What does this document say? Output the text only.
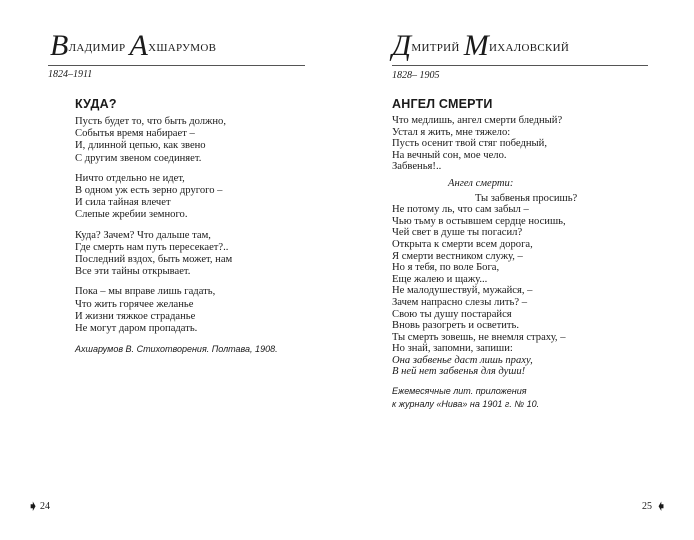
Владимир Ахшарумов
1824–1911
КУДА?
Пусть будет то, что быть должно,
Событья время набирает –
И, длинной цепью, как звено
С другим звеном соединяет.
Ничто отдельно не идет,
В одном уж есть зерно другого –
И сила тайная влечет
Слепые жребии земного.
Куда? Зачем? Что дальше там,
Где смерть нам путь пересекает?..
Последний вздох, быть может, нам
Все эти тайны открывает.
Пока – мы вправе лишь гадать,
Что жить горячее желанье
И жизни тяжкое страданье
Не могут даром пропадать.
Ахшарумов В. Стихотворения. Полтава, 1908.
➧ 24
Дмитрий Михаловский
1828– 1905
АНГЕЛ СМЕРТИ
Что медлишь, ангел смерти бледный?
Устал я жить, мне тяжело:
Пусть осенит твой стяг победный,
На вечный сон, мое чело.
Забвенья!..
Ангел смерти:
Ты забвенья просишь?
Не потому ль, что сам забыл –
Чью тьму в остывшем сердце носишь,
Чей свет в душе ты погасил?
Открыта к смерти всем дорога,
Я смерти вестником служу, –
Но я тебя, по воле Бога,
Еще жалею и щажу...
Не малодушествуй, мужайся, –
Зачем напрасно слезы лить? –
Свою ты душу постарайся
Вновь разогреть и осветить.
Ты смерть зовешь, не внемля страху, –
Но знай, запомни, запиши:
Она забвенье даст лишь праху,
В ней нет забвенья для души!
Ежемесячные лит. приложения
к журналу «Нива» на 1901 г. № 10.
25 ➧
